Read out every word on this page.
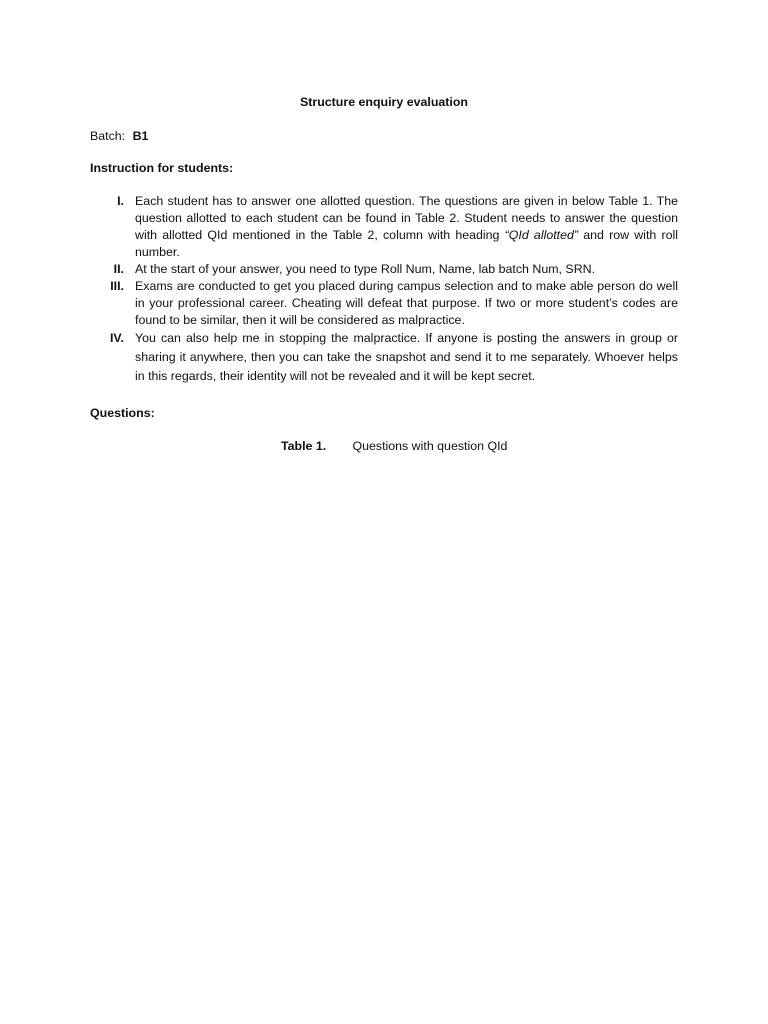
Structure enquiry evaluation
Batch: B1
Instruction for students:
I. Each student has to answer one allotted question. The questions are given in below Table 1. The question allotted to each student can be found in Table 2. Student needs to answer the question with allotted QId mentioned in the Table 2, column with heading “QId allotted” and row with roll number.
II. At the start of your answer, you need to type Roll Num, Name, lab batch Num, SRN.
III. Exams are conducted to get you placed during campus selection and to make able person do well in your professional career. Cheating will defeat that purpose. If two or more student’s codes are found to be similar, then it will be considered as malpractice.
IV. You can also help me in stopping the malpractice. If anyone is posting the answers in group or sharing it anywhere, then you can take the snapshot and send it to me separately. Whoever helps in this regards, their identity will not be revealed and it will be kept secret.
Questions:
Table 1. Questions with question QId
